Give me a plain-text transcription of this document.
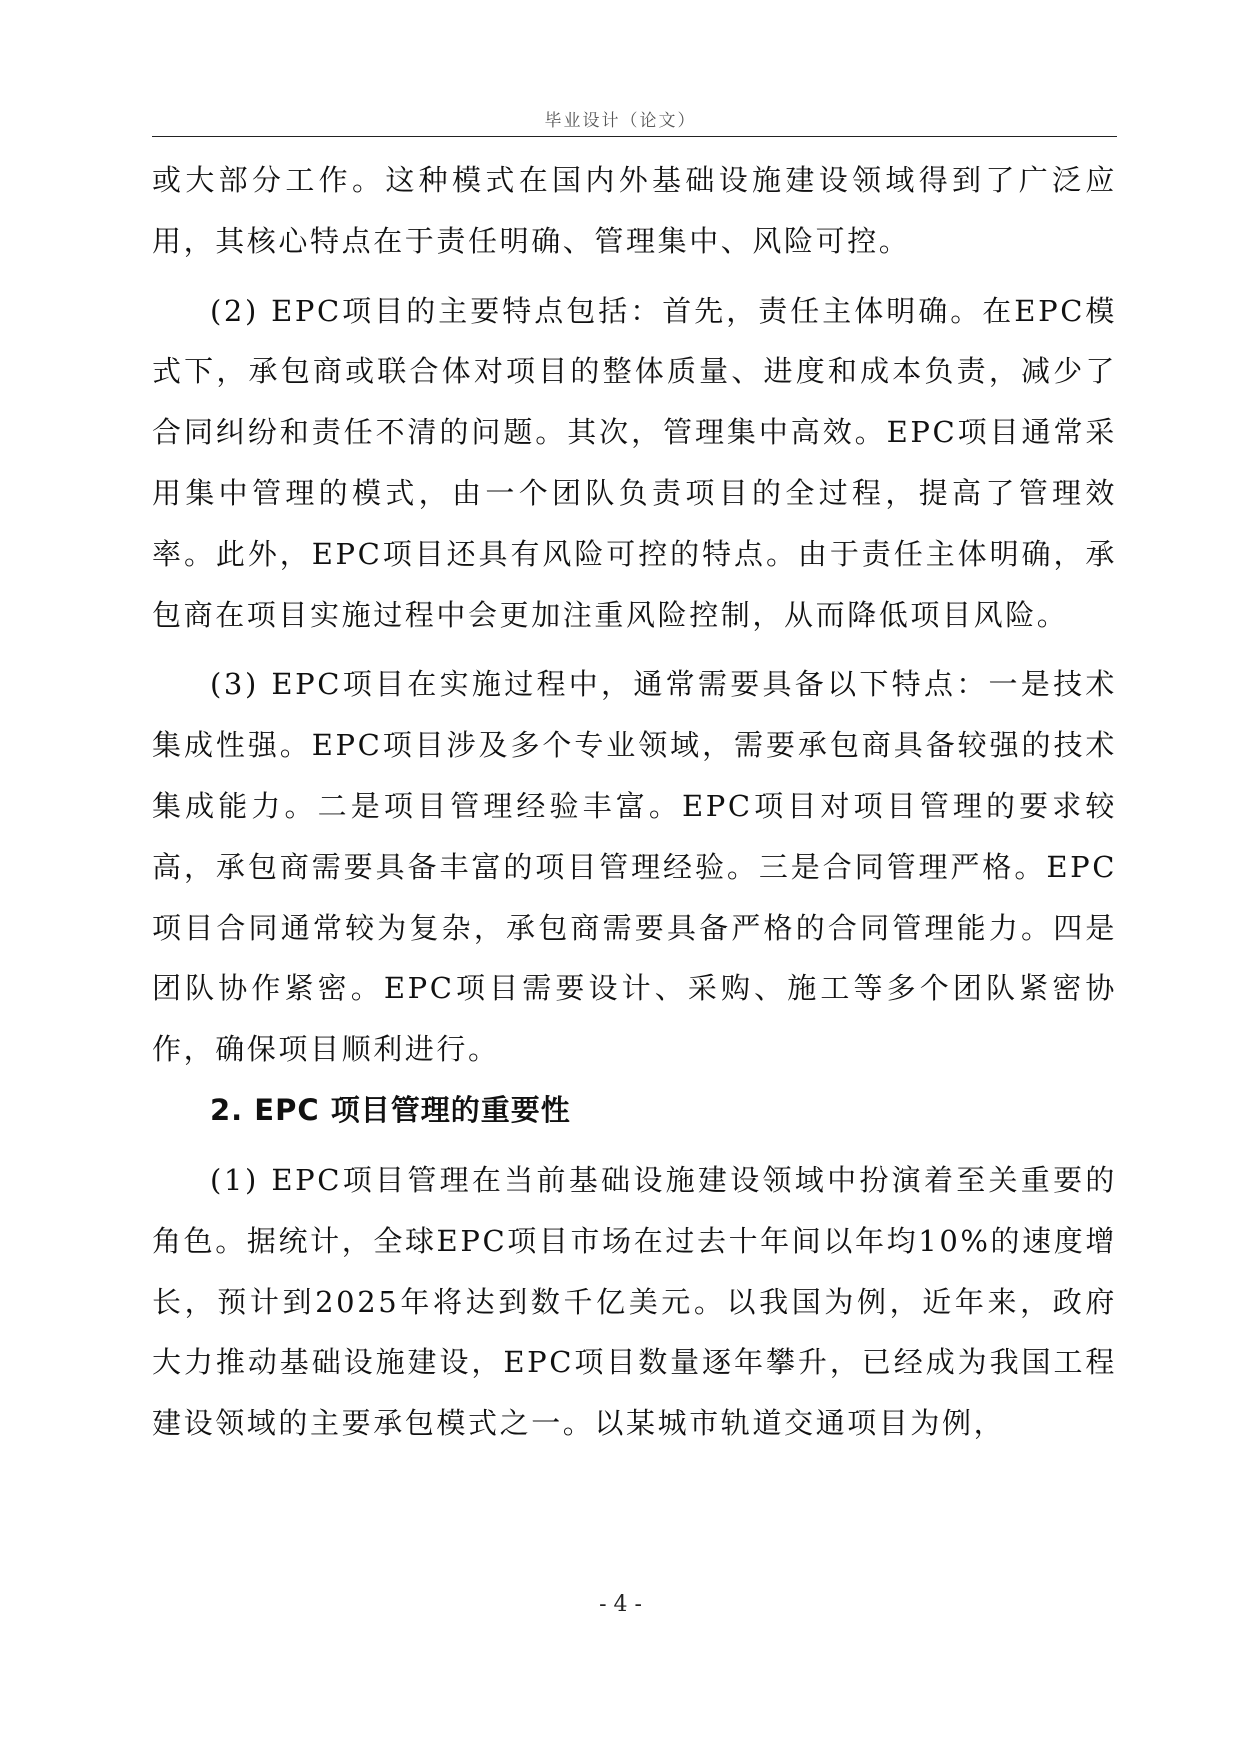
毕业设计（论文）

或大部分工作。这种模式在国内外基础设施建设领域得到了广泛应用，其核心特点在于责任明确、管理集中、风险可控。

(2) EPC项目的主要特点包括：首先，责任主体明确。在EPC模式下，承包商或联合体对项目的整体质量、进度和成本负责，减少了合同纠纷和责任不清的问题。其次，管理集中高效。EPC项目通常采用集中管理的模式，由一个团队负责项目的全过程，提高了管理效率。此外，EPC项目还具有风险可控的特点。由于责任主体明确，承包商在项目实施过程中会更加注重风险控制，从而降低项目风险。

(3) EPC项目在实施过程中，通常需要具备以下特点：一是技术集成性强。EPC项目涉及多个专业领域，需要承包商具备较强的技术集成能力。二是项目管理经验丰富。EPC项目对项目管理的要求较高，承包商需要具备丰富的项目管理经验。三是合同管理严格。EPC项目合同通常较为复杂，承包商需要具备严格的合同管理能力。四是团队协作紧密。EPC项目需要设计、采购、施工等多个团队紧密协作，确保项目顺利进行。

2. EPC 项目管理的重要性

(1) EPC项目管理在当前基础设施建设领域中扮演着至关重要的角色。据统计，全球EPC项目市场在过去十年间以年均10%的速度增长，预计到2025年将达到数千亿美元。以我国为例，近年来，政府大力推动基础设施建设，EPC项目数量逐年攀升，已经成为我国工程建设领域的主要承包模式之一。以某城市轨道交通项目为例，

- 4 -
